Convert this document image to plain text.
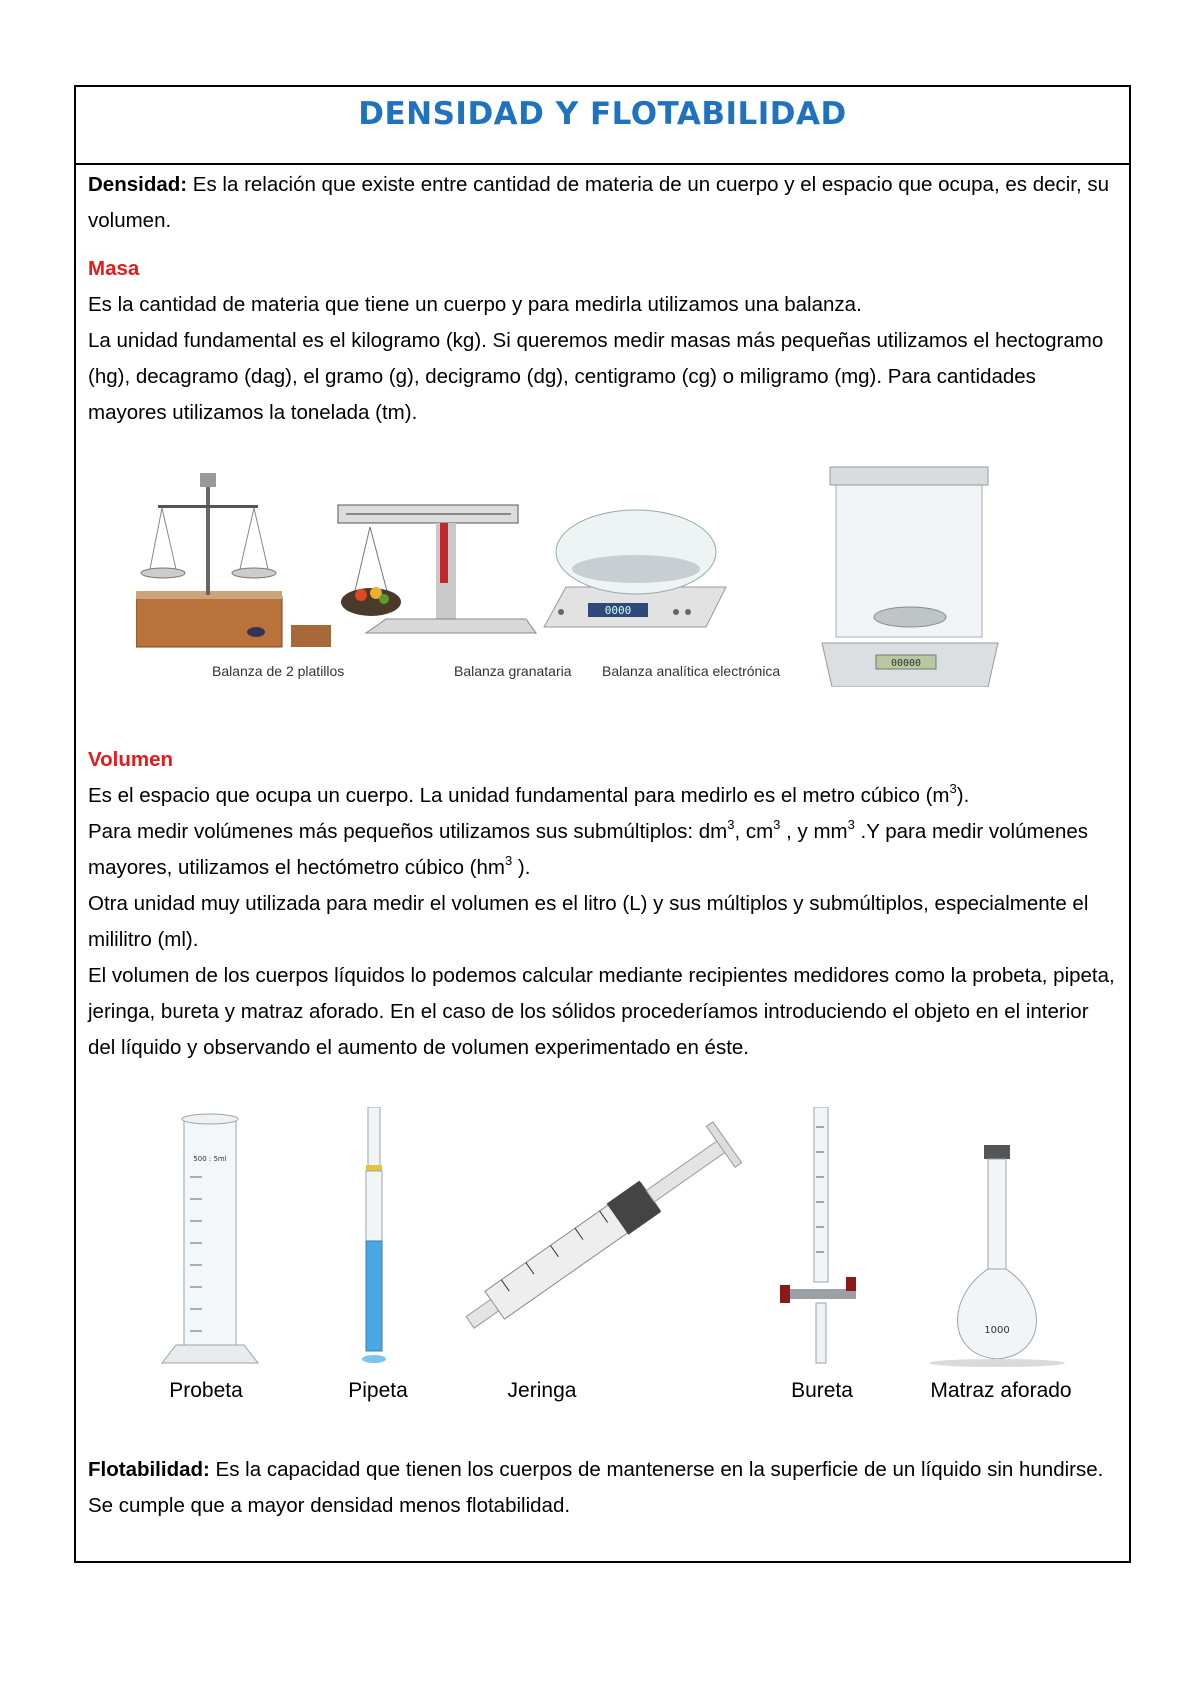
DENSIDAD Y FLOTABILIDAD

Densidad: Es la relación que existe entre cantidad de materia de un cuerpo y el espacio que ocupa, es decir, su volumen.

Masa

Es la cantidad de materia que tiene un cuerpo y para medirla utilizamos una balanza.

La unidad fundamental es el kilogramo (kg). Si queremos medir masas más pequeñas utilizamos el hectogramo (hg), decagramo (dag), el gramo (g), decigramo (dg), centigramo (cg) o miligramo (mg). Para cantidades mayores utilizamos la tonelada (tm).

0000
00000
Balanza de 2 platillos	Balanza granataria Balanza analítica electrónica

Volumen

Es el espacio que ocupa un cuerpo. La unidad fundamental para medirlo es el metro cúbico $(m^3)$.

Para medir volúmenes más pequeños utilizamos sus submúltiplos: $dm^3$, $cm^3$ , y $mm^3$ .Y para medir volúmenes mayores, utilizamos el hectómetro cúbico ($hm^3$ ).

Otra unidad muy utilizada para medir el volumen es el litro (L) y sus múltiplos y submúltiplos, especialmente el mililitro (ml).

El volumen de los cuerpos líquidos lo podemos calcular mediante recipientes medidores como la probeta, pipeta, jeringa, bureta y matraz aforado. En el caso de los sólidos procederíamos introduciendo el objeto en el interior del líquido y observando el aumento de volumen experimentado en éste.

500 : 5ml
1000
Probeta	Pipeta	Jeringa	Bureta	Matraz aforado

Flotabilidad: Es la capacidad que tienen los cuerpos de mantenerse en la superficie de un líquido sin hundirse.

Se cumple que a mayor densidad menos flotabilidad.
